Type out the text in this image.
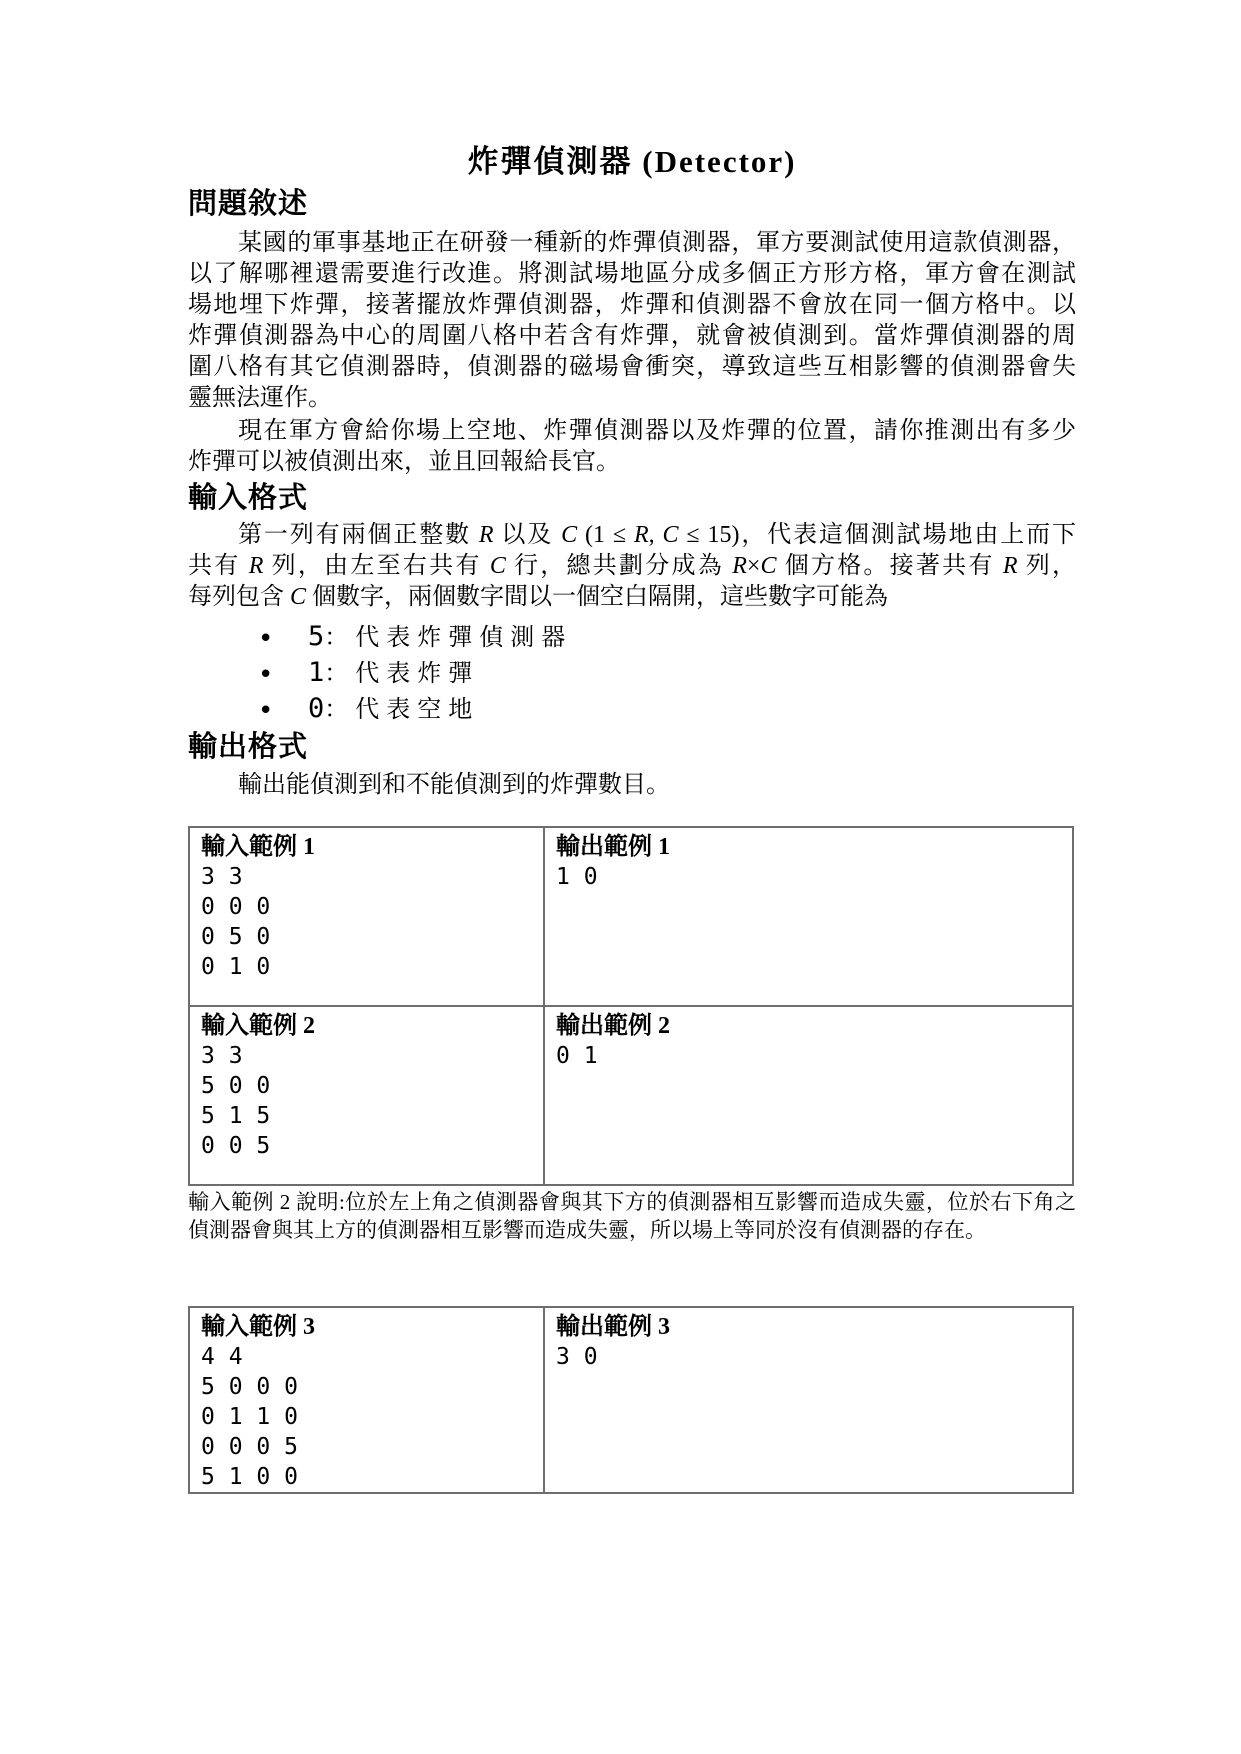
炸彈偵測器 (Detector)
問題敘述
某國的軍事基地正在研發一種新的炸彈偵測器，軍方要測試使用這款偵測器，
以了解哪裡還需要進行改進。將測試場地區分成多個正方形方格，軍方會在測試
場地埋下炸彈，接著擺放炸彈偵測器，炸彈和偵測器不會放在同一個方格中。以
炸彈偵測器為中心的周圍八格中若含有炸彈，就會被偵測到。當炸彈偵測器的周
圍八格有其它偵測器時，偵測器的磁場會衝突，導致這些互相影響的偵測器會失
靈無法運作。
現在軍方會給你場上空地、炸彈偵測器以及炸彈的位置，請你推測出有多少
炸彈可以被偵測出來，並且回報給長官。
輸入格式
第一列有兩個正整數 R 以及 C (1 ≤ R, C ≤ 15)，代表這個測試場地由上而下
共有 R 列，由左至右共有 C 行，總共劃分成為 R×C 個方格。接著共有 R 列，
每列包含 C 個數字，兩個數字間以一個空白隔開，這些數字可能為
• 5：代表炸彈偵測器
• 1：代表炸彈
• 0：代表空地
輸出格式
輸出能偵測到和不能偵測到的炸彈數目。
輸入範例 1
3 3
0 0 0
0 5 0
0 1 0

輸出範例 1
1 0

輸入範例 2
3 3
5 0 0
5 1 5
0 0 5

輸出範例 2
0 1
輸入範例 2 說明:位於左上角之偵測器會與其下方的偵測器相互影響而造成失靈，位於右下角之
偵測器會與其上方的偵測器相互影響而造成失靈，所以場上等同於沒有偵測器的存在。
輸入範例 3
4 4
5 0 0 0
0 1 1 0
0 0 0 5
5 1 0 0

輸出範例 3
3 0
